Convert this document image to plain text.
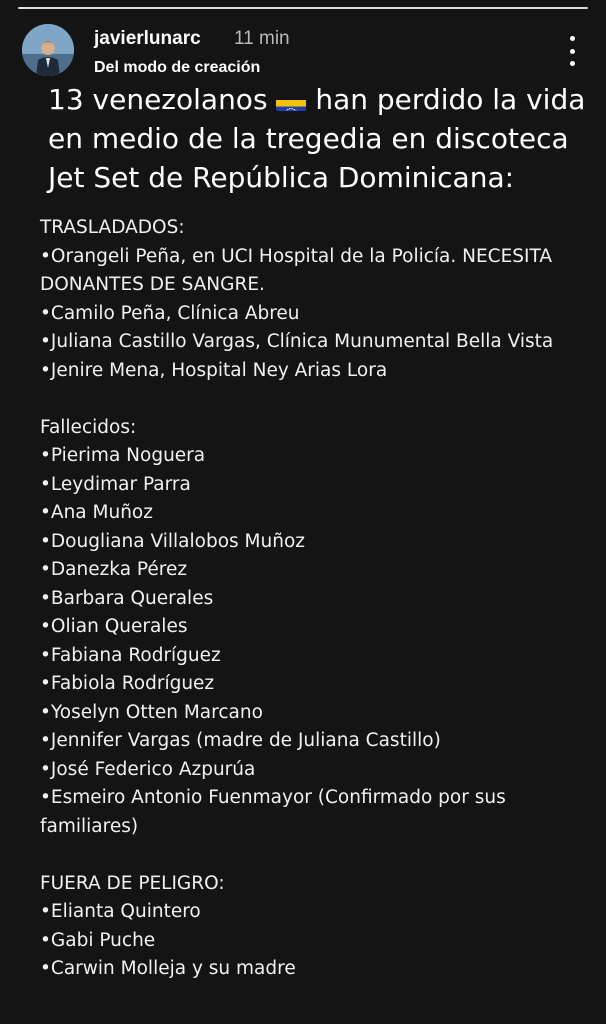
javierlunarc 11 min
Del modo de creación
13 venezolanos han perdido la vida en medio de la tregedia en discoteca Jet Set de República Dominicana:
TRASLADADOS:
•Orangeli Peña, en UCI Hospital de la Policía. NECESITA DONANTES DE SANGRE.
•Camilo Peña, Clínica Abreu
•Juliana Castillo Vargas, Clínica Munumental Bella Vista
•Jenire Mena, Hospital Ney Arias Lora
Fallecidos:
•Pierima Noguera
•Leydimar Parra
•Ana Muñoz
•Dougliana Villalobos Muñoz
•Danezka Pérez
•Barbara Querales
•Olian Querales
•Fabiana Rodríguez
•Fabiola Rodríguez
•Yoselyn Otten Marcano
•Jennifer Vargas (madre de Juliana Castillo)
•José Federico Azpurúa
•Esmeiro Antonio Fuenmayor (Confirmado por sus familiares)
FUERA DE PELIGRO:
•Elianta Quintero
•Gabi Puche
•Carwin Molleja y su madre
